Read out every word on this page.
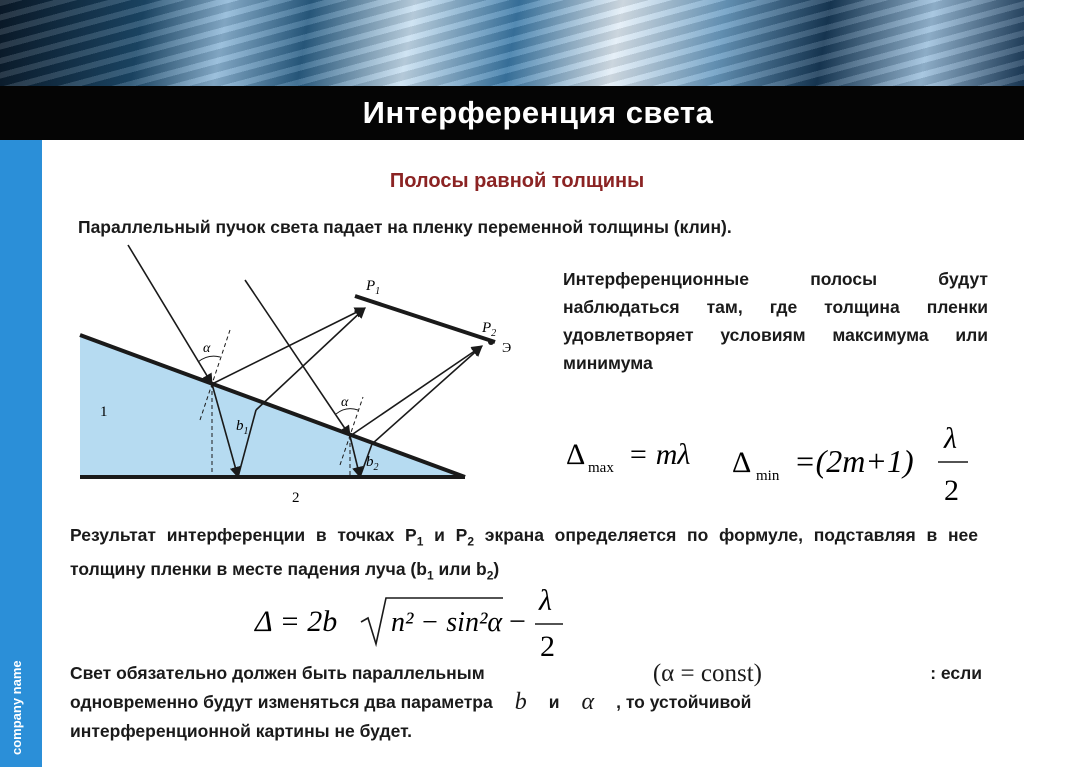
Интерференция света
company name
Полосы равной толщины
Параллельный пучок света падает на пленку переменной толщины (клин).
$P_1$
$P_2$
Э
α
α
$b_1$
$b_2$
1
2
Интерференционные полосы будут наблюдаться там, где толщина пленки удовлетворяет условиям максимума или минимума
Δ max = mλ Δ min =(2m+1)
λ
2
Результат интерференции в точках $Р_1$ и $Р_2$ экрана определяется по формуле, подставляя в нее толщину пленки в месте падения луча ($b_1$ или $b_2$)
Δ = 2b n² − sin²α −
λ
2
Свет обязательно должен быть параллельным	(α = const)	: если
одновременно будут изменяться два параметра b и α , то устойчивой
интерференционной картины не будет.
